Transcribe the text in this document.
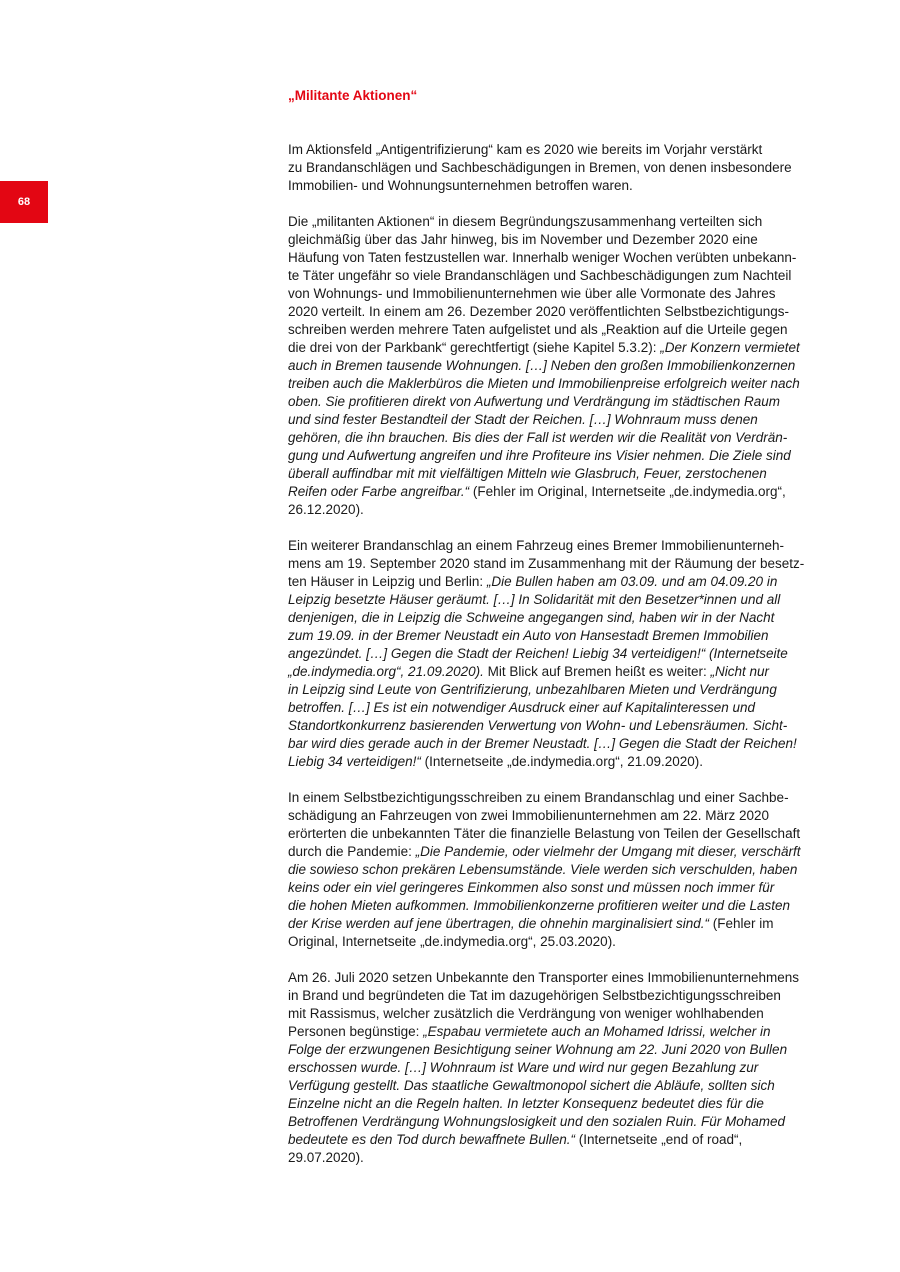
68
„Militante Aktionen“

Im Aktionsfeld „Antigentrifizierung“ kam es 2020 wie bereits im Vorjahr verstärkt
zu Brandanschlägen und Sachbeschädigungen in Bremen, von denen insbesondere
Immobilien- und Wohnungsunternehmen betroffen waren.

Die „militanten Aktionen“ in diesem Begründungszusammenhang verteilten sich
gleichmäßig über das Jahr hinweg, bis im November und Dezember 2020 eine
Häufung von Taten festzustellen war. Innerhalb weniger Wochen verübten unbekann-
te Täter ungefähr so viele Brandanschlägen und Sachbeschädigungen zum Nachteil
von Wohnungs- und Immobilienunternehmen wie über alle Vormonate des Jahres
2020 verteilt. In einem am 26. Dezember 2020 veröffentlichten Selbstbezichtigungs-
schreiben werden mehrere Taten aufgelistet und als „Reaktion auf die Urteile gegen
die drei von der Parkbank“ gerechtfertigt (siehe Kapitel 5.3.2): „Der Konzern vermietet
auch in Bremen tausende Wohnungen. […] Neben den großen Immobilienkonzernen
treiben auch die Maklerbüros die Mieten und Immobilienpreise erfolgreich weiter nach
oben. Sie profitieren direkt von Aufwertung und Verdrängung im städtischen Raum
und sind fester Bestandteil der Stadt der Reichen. […] Wohnraum muss denen
gehören, die ihn brauchen. Bis dies der Fall ist werden wir die Realität von Verdrän-
gung und Aufwertung angreifen und ihre Profiteure ins Visier nehmen. Die Ziele sind
überall auffindbar mit mit vielfältigen Mitteln wie Glasbruch, Feuer, zerstochenen
Reifen oder Farbe angreifbar.“ (Fehler im Original, Internetseite „de.indymedia.org“,
26.12.2020).

Ein weiterer Brandanschlag an einem Fahrzeug eines Bremer Immobilienunterneh-
mens am 19. September 2020 stand im Zusammenhang mit der Räumung der besetz-
ten Häuser in Leipzig und Berlin: „Die Bullen haben am 03.09. und am 04.09.20 in
Leipzig besetzte Häuser geräumt. […] In Solidarität mit den Besetzer*innen und all
denjenigen, die in Leipzig die Schweine angegangen sind, haben wir in der Nacht
zum 19.09. in der Bremer Neustadt ein Auto von Hansestadt Bremen Immobilien
angezündet. […] Gegen die Stadt der Reichen! Liebig 34 verteidigen!“ (Internetseite
„de.indymedia.org“, 21.09.2020). Mit Blick auf Bremen heißt es weiter: „Nicht nur
in Leipzig sind Leute von Gentrifizierung, unbezahlbaren Mieten und Verdrängung
betroffen. […] Es ist ein notwendiger Ausdruck einer auf Kapitalinteressen und
Standortkonkurrenz basierenden Verwertung von Wohn- und Lebensräumen. Sicht-
bar wird dies gerade auch in der Bremer Neustadt. […] Gegen die Stadt der Reichen!
Liebig 34 verteidigen!“ (Internetseite „de.indymedia.org“, 21.09.2020).

In einem Selbstbezichtigungsschreiben zu einem Brandanschlag und einer Sachbe-
schädigung an Fahrzeugen von zwei Immobilienunternehmen am 22. März 2020
erörterten die unbekannten Täter die finanzielle Belastung von Teilen der Gesellschaft
durch die Pandemie: „Die Pandemie, oder vielmehr der Umgang mit dieser, verschärft
die sowieso schon prekären Lebensumstände. Viele werden sich verschulden, haben
keins oder ein viel geringeres Einkommen also sonst und müssen noch immer für
die hohen Mieten aufkommen. Immobilienkonzerne profitieren weiter und die Lasten
der Krise werden auf jene übertragen, die ohnehin marginalisiert sind.“ (Fehler im
Original, Internetseite „de.indymedia.org“, 25.03.2020).

Am 26. Juli 2020 setzen Unbekannte den Transporter eines Immobilienunternehmens
in Brand und begründeten die Tat im dazugehörigen Selbstbezichtigungsschreiben
mit Rassismus, welcher zusätzlich die Verdrängung von weniger wohlhabenden
Personen begünstige: „Espabau vermietete auch an Mohamed Idrissi, welcher in
Folge der erzwungenen Besichtigung seiner Wohnung am 22. Juni 2020 von Bullen
erschossen wurde. […] Wohnraum ist Ware und wird nur gegen Bezahlung zur
Verfügung gestellt. Das staatliche Gewaltmonopol sichert die Abläufe, sollten sich
Einzelne nicht an die Regeln halten. In letzter Konsequenz bedeutet dies für die
Betroffenen Verdrängung Wohnungslosigkeit und den sozialen Ruin. Für Mohamed
bedeutete es den Tod durch bewaffnete Bullen.“ (Internetseite „end of road“,
29.07.2020).
